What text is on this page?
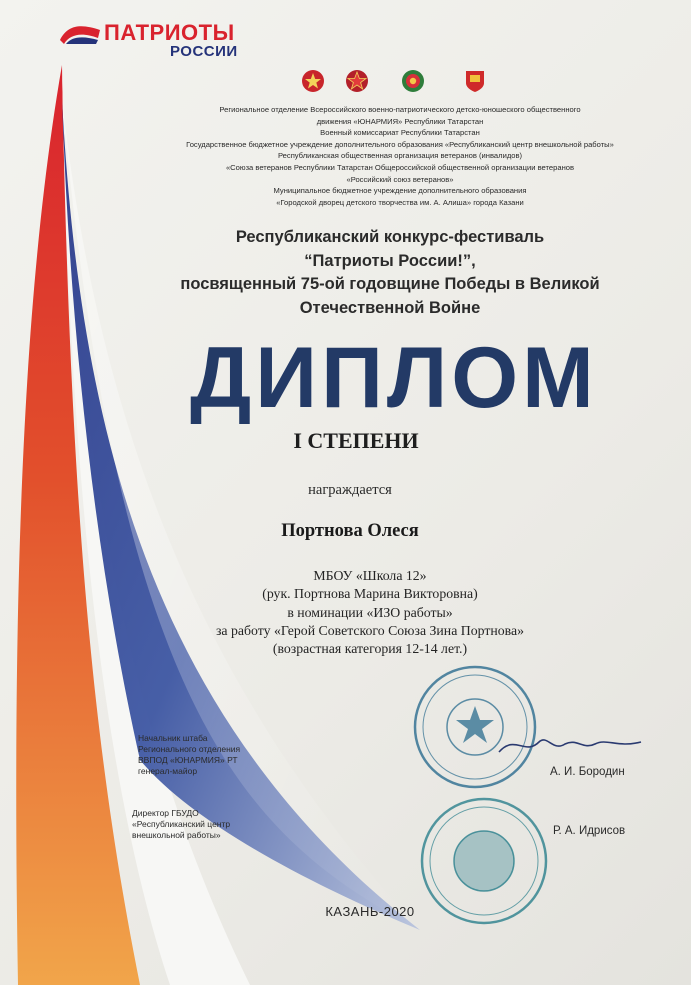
ПАТРИОТЫ
РОССИИ
Региональное отделение Всероссийского военно-патриотического детско-юношеского общественного
движения «ЮНАРМИЯ» Республики Татарстан
Военный комиссариат Республики Татарстан
Государственное бюджетное учреждение дополнительного образования «Республиканский центр внешкольной работы»
Республиканская общественная организация ветеранов (инвалидов)
«Союза ветеранов Республики Татарстан Общероссийской общественной организации ветеранов
«Российский союз ветеранов»
Муниципальное бюджетное учреждение дополнительного образования
«Городской дворец детского творчества им. А. Алиша» города Казани
Республиканский конкурс-фестиваль
“Патриоты России!”,
посвященный 75-ой годовщине Победы в Великой
Отечественной Войне
ДИПЛОМ
I СТЕПЕНИ
награждается
Портнова Олеся
МБОУ «Школа 12»
(рук. Портнова Марина Викторовна)
в номинации «ИЗО работы»
за работу «Герой Советского Союза Зина Портнова»
(возрастная категория 12-14 лет.)
Начальник штаба
Регионального отделения
ВВПОД «ЮНАРМИЯ» РТ
генерал-майор	А. И. Бородин
Директор ГБУДО
«Республиканский центр
внешкольной работы»	Р. А. Идрисов
КАЗАНЬ-2020
